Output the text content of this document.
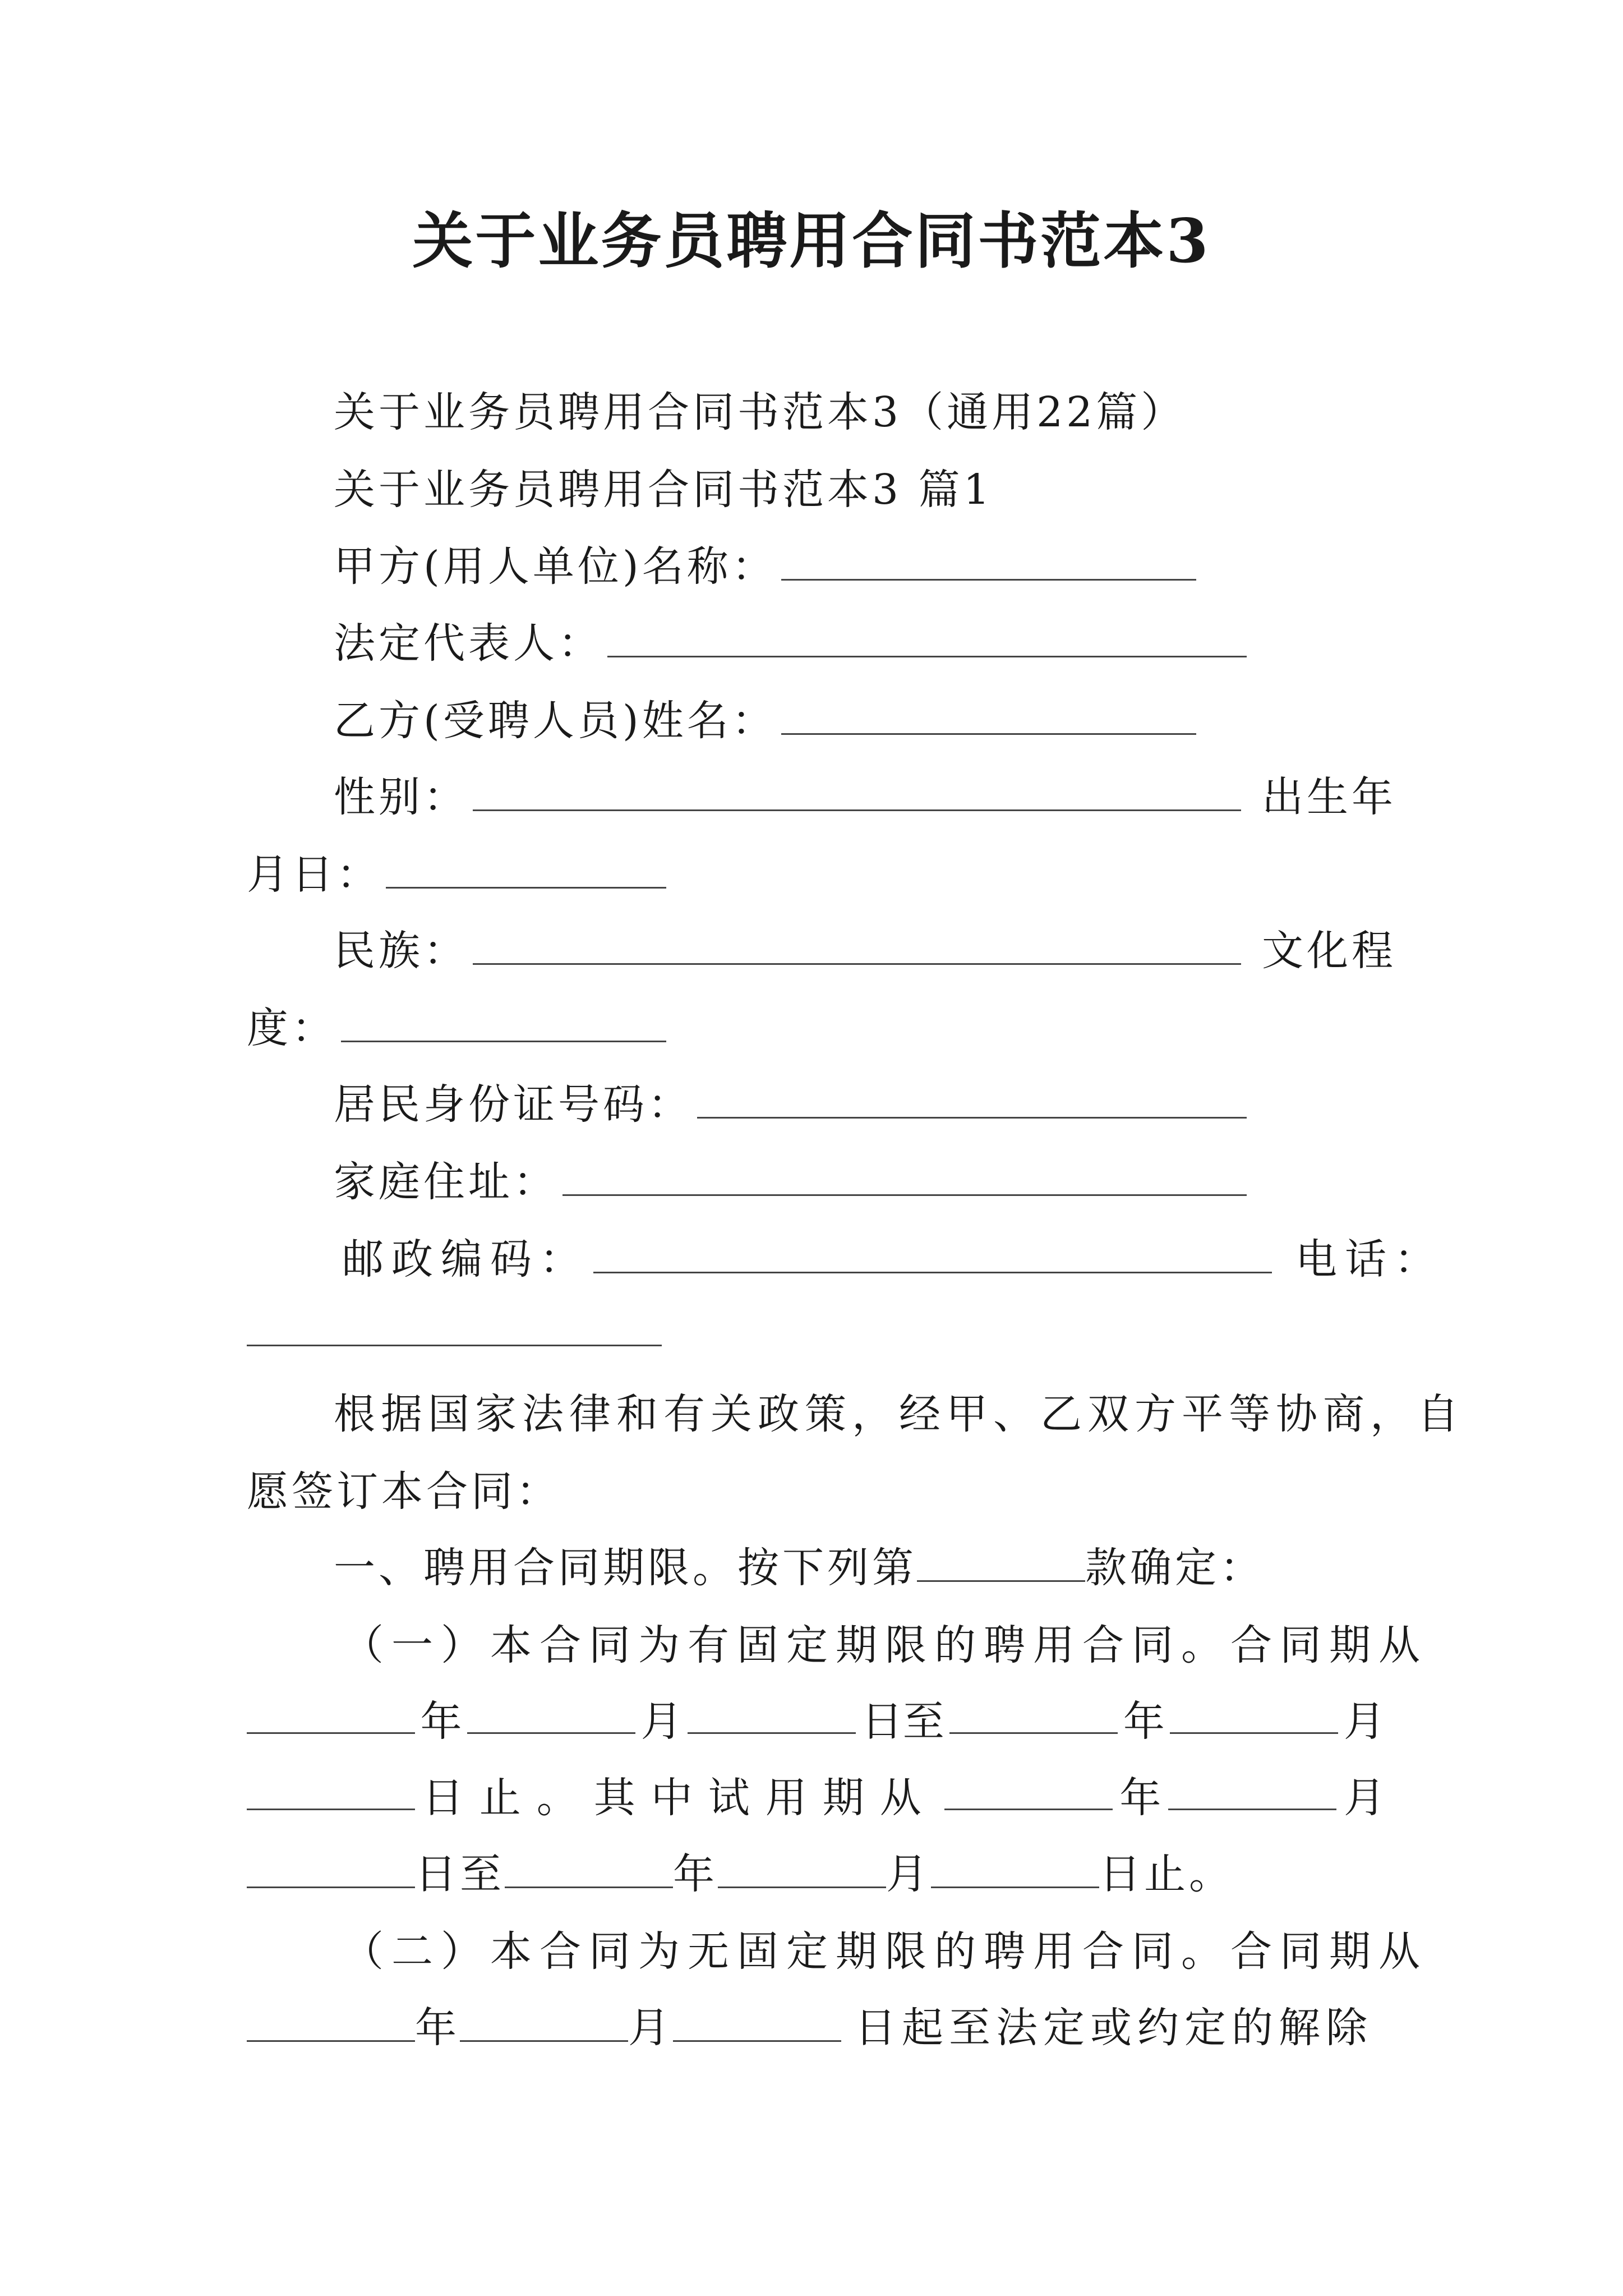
关于业务员聘用合同书范本3
关于业务员聘用合同书范本3（通用22篇）
关于业务员聘用合同书范本3 篇1
甲方(用人单位)名称：
法定代表人：
乙方(受聘人员)姓名：
性别：	出生年
月日：
民族：	文化程
度：
居民身份证号码：
家庭住址：
邮政编码：	电话：
根据国家法律和有关政策，经甲、乙双方平等协商，自
愿签订本合同：
一、聘用合同期限。按下列第	款确定：
（一）本合同为有固定期限的聘用合同。合同期从
年	月	日至	年	月
日止。其中试用期从	年	月
日至	年	月	日止。
（二）本合同为无固定期限的聘用合同。合同期从
年	月	日起至法定或约定的解除
